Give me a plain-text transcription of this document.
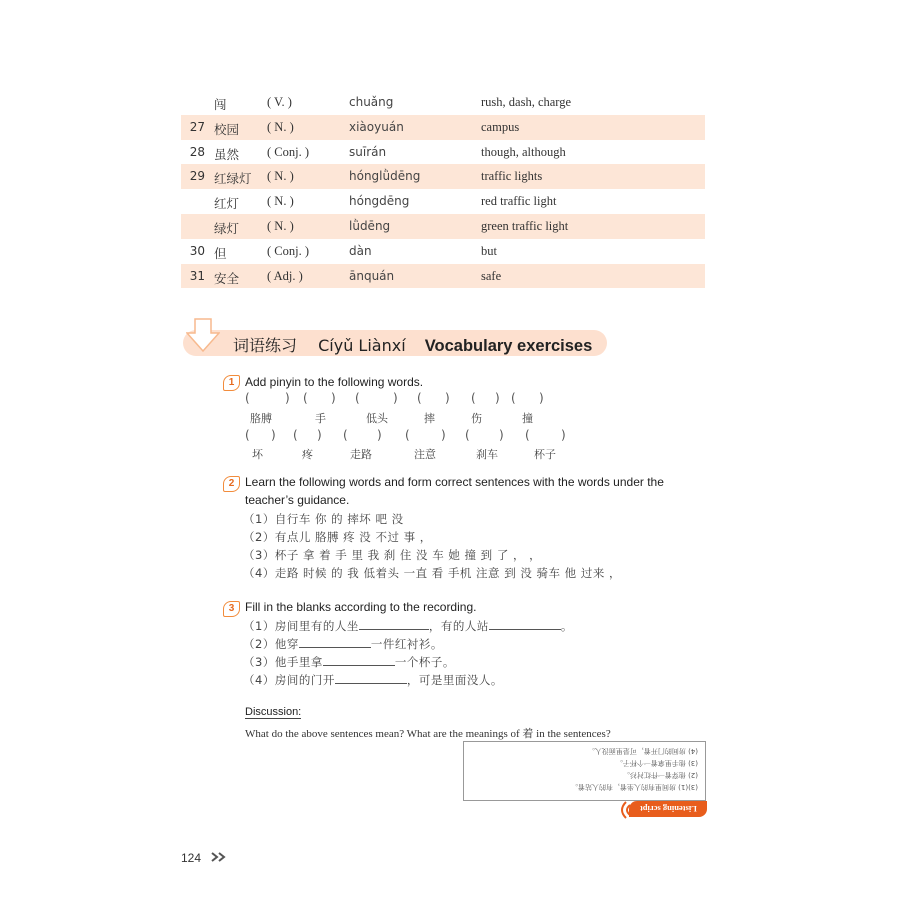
闯	( V. )	chuǎng	rush, dash, charge
27 校园 ( N. )	xiàoyuán	campus
28 虽然 ( Conj. )	suīrán	though, although
29 红绿灯 ( N. )	hónglǜdēng	traffic lights
红灯 ( N. )	hóngdēng	red traffic light
绿灯 ( N. )	lǜdēng	green traffic light
30 但	( Conj. )	dàn	but
31 安全 ( Adj. )	ānquán	safe
词语练习 Cíyǔ Liànxí Vocabulary exercises
1 Add pinyin to the following words.
(	) ( ) (	) ( ) ( ) ( )
胳膊	手	低头	摔	伤	撞
( ) ( ) ( ) (	) ( ) (	)
坏	疼	走路	注意	刹车	杯子
2 Learn the following words and form correct sentences with the words under the
teacher’s guidance.
（1）自行车 你 的 摔坏 吧 没
（2）有点儿 胳膊 疼 没 不过 事 ，
（3）杯子 拿 着 手 里 我 刹 住 没 车 她 撞 到 了 ， ，
（4）走路 时候 的 我 低着头 一直 看 手机 注意 到 没 骑车 他 过来 ，
3 Fill in the blanks according to the recording.
（1）房间里有的人坐	，有的人站	。
（2）他穿	一件红衬衫。
（3）他手里拿	一个杯子。
（4）房间的门开	，可是里面没人。
Discussion:
What do the above sentences mean? What are the meanings of 着 in the sentences?
(3)(1) 房间里有的人坐着，有的人站着。
(2) 他穿着一件红衬衫。
(3) 他手里拿着一个杯子。
(4) 房间的门开着，可是里面没人。
Listening script
124
